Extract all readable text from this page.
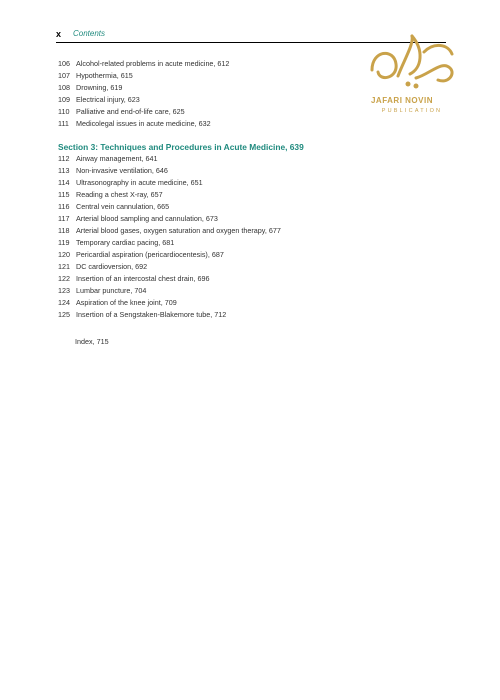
x Contents
JAFARI NOVIN
PUBLICATION
106 Alcohol-related problems in acute medicine, 612
107 Hypothermia, 615
108 Drowning, 619
109 Electrical injury, 623
110 Palliative and end-of-life care, 625
111 Medicolegal issues in acute medicine, 632
Section 3: Techniques and Procedures in Acute Medicine, 639
112 Airway management, 641
113 Non-invasive ventilation, 646
114 Ultrasonography in acute medicine, 651
115 Reading a chest X-ray, 657
116 Central vein cannulation, 665
117 Arterial blood sampling and cannulation, 673
118 Arterial blood gases, oxygen saturation and oxygen therapy, 677
119 Temporary cardiac pacing, 681
120 Pericardial aspiration (pericardiocentesis), 687
121 DC cardioversion, 692
122 Insertion of an intercostal chest drain, 696
123 Lumbar puncture, 704
124 Aspiration of the knee joint, 709
125 Insertion of a Sengstaken-Blakemore tube, 712
Index, 715
